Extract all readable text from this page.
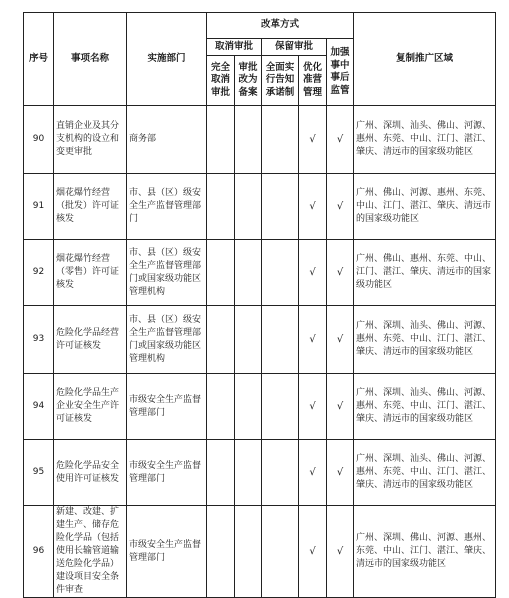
序号	事项名称	实施部门	改革方式					复制推广区域
			取消审批		保留审批		加强事中事后监管	
			完全取消审批	审批改为备案	全面实行告知承诺制	优化准营管理		
90	直销企业及其分支机构的设立和变更审批	商务部				√	√	广州、深圳、汕头、佛山、河源、惠州、东莞、中山、江门、湛江、肇庆、清远市的国家级功能区
91	烟花爆竹经营（批发）许可证核发	市、县（区）级安全生产监督管理部门				√	√	广州、佛山、河源、惠州、东莞、中山、江门、湛江、肇庆、清远市的国家级功能区
92	烟花爆竹经营（零售）许可证核发	市、县（区）级安全生产监督管理部门或国家级功能区管理机构				√	√	广州、佛山、惠州、东莞、中山、江门、湛江、肇庆、清远市的国家级功能区
93	危险化学品经营许可证核发	市、县（区）级安全生产监督管理部门或国家级功能区管理机构				√	√	广州、深圳、汕头、佛山、河源、惠州、东莞、中山、江门、湛江、肇庆、清远市的国家级功能区
94	危险化学品生产企业安全生产许可证核发	市级安全生产监督管理部门				√	√	广州、深圳、汕头、佛山、河源、惠州、东莞、中山、江门、湛江、肇庆、清远市的国家级功能区
95	危险化学品安全使用许可证核发	市级安全生产监督管理部门				√	√	广州、深圳、汕头、佛山、河源、惠州、东莞、中山、江门、湛江、肇庆、清远市的国家级功能区
96	新建、改建、扩建生产、储存危险化学品（包括使用长输管道输送危险化学品）建设项目安全条件审查	市级安全生产监督管理部门				√	√	广州、深圳、佛山、河源、惠州、东莞、中山、江门、湛江、肇庆、清远市的国家级功能区
